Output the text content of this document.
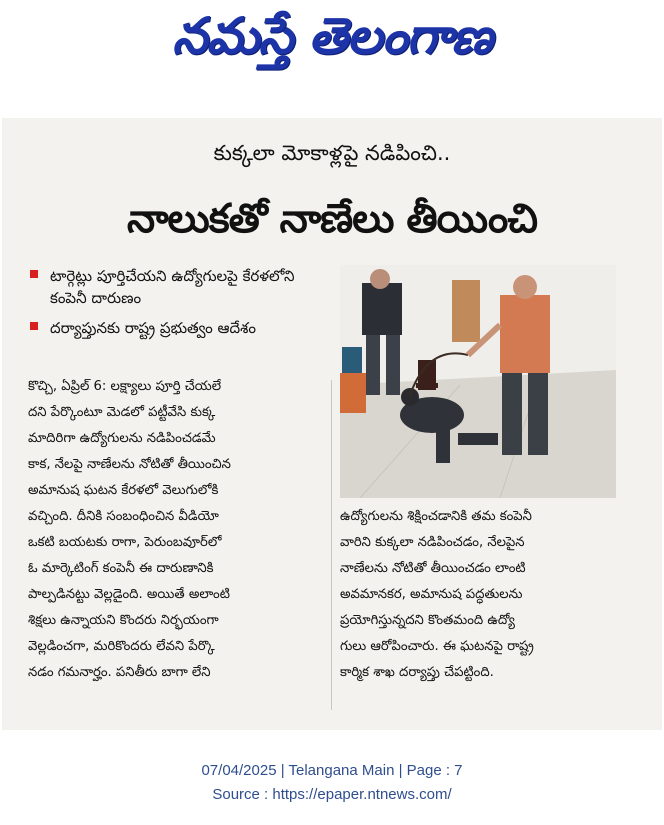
నమస్తే తెలంగాణ
కుక్కలా మోకాళ్లపై నడిపించి..
నాలుకతో నాణేలు తీయించి
టార్గెట్లు పూర్తిచేయని ఉద్యోగులపై కేరళలోని కంపెనీ దారుణం
దర్యాప్తునకు రాష్ట్ర ప్రభుత్వం ఆదేశం
కొచ్చి, ఏప్రిల్ 6: లక్ష్యాలు పూర్తి చేయలే
దని పేర్కొంటూ మెడలో పట్టీవేసి కుక్క
మాదిరిగా ఉద్యోగులను నడిపించడమే
కాక, నేలపై నాణేలను నోటితో తీయించిన
అమానుష ఘటన కేరళలో వెలుగులోకి
వచ్చింది. దీనికి సంబంధించిన వీడియో
ఒకటి బయటకు రాగా, పెరుంబవూర్‌లో
ఓ మార్కెటింగ్ కంపెనీ ఈ దారుణానికి
పాల్పడినట్టు వెల్లడైంది. అయితే అలాంటి
శిక్షలు ఉన్నాయని కొందరు నిర్భయంగా
వెల్లడించగా, మరికొందరు లేవని పేర్కొ
నడం గమనార్హం. పనితీరు బాగా లేని
ఉద్యోగులను శిక్షించడానికి తమ కంపెనీ
వారిని కుక్కలా నడిపించడం, నేలపైన
నాణేలను నోటితో తీయించడం లాంటి
అవమానకర, అమానుష పద్ధతులను
ప్రయోగిస్తున్నదని కొంతమంది ఉద్యో
గులు ఆరోపించారు. ఈ ఘటనపై రాష్ట్ర
కార్మిక శాఖ దర్యాప్తు చేపట్టింది.
07/04/2025 | Telangana Main | Page : 7
Source : https://epaper.ntnews.com/
